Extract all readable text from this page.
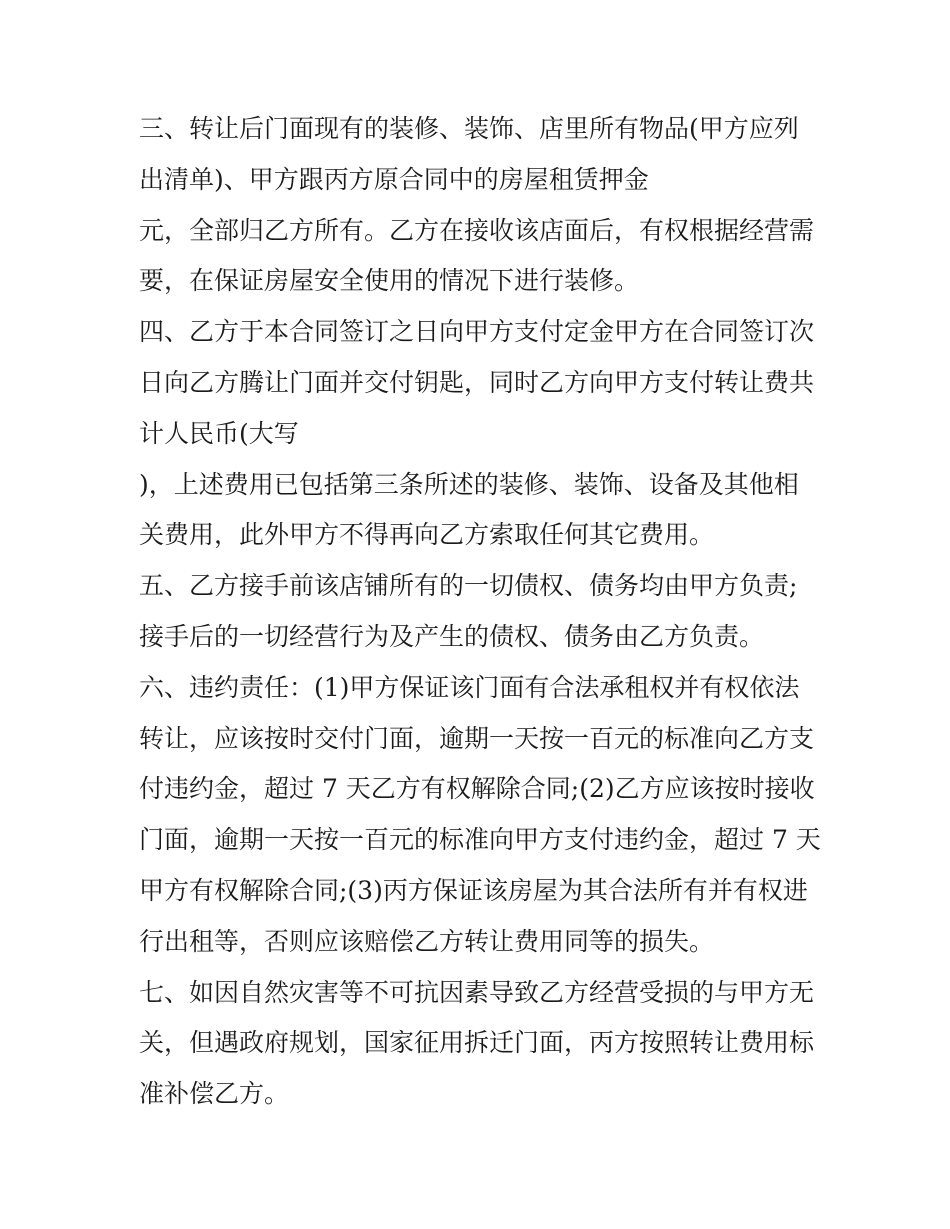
三、转让后门面现有的装修、装饰、店里所有物品(甲方应列
出清单)、甲方跟丙方原合同中的房屋租赁押金
元，全部归乙方所有。乙方在接收该店面后，有权根据经营需
要，在保证房屋安全使用的情况下进行装修。
四、乙方于本合同签订之日向甲方支付定金甲方在合同签订次
日向乙方腾让门面并交付钥匙，同时乙方向甲方支付转让费共
计人民币(大写
)，上述费用已包括第三条所述的装修、装饰、设备及其他相
关费用，此外甲方不得再向乙方索取任何其它费用。
五、乙方接手前该店铺所有的一切债权、债务均由甲方负责;
接手后的一切经营行为及产生的债权、债务由乙方负责。
六、违约责任：(1)甲方保证该门面有合法承租权并有权依法
转让，应该按时交付门面，逾期一天按一百元的标准向乙方支
付违约金，超过 7 天乙方有权解除合同;(2)乙方应该按时接收
门面，逾期一天按一百元的标准向甲方支付违约金，超过 7 天
甲方有权解除合同;(3)丙方保证该房屋为其合法所有并有权进
行出租等，否则应该赔偿乙方转让费用同等的损失。
七、如因自然灾害等不可抗因素导致乙方经营受损的与甲方无
关，但遇政府规划，国家征用拆迁门面，丙方按照转让费用标
准补偿乙方。
